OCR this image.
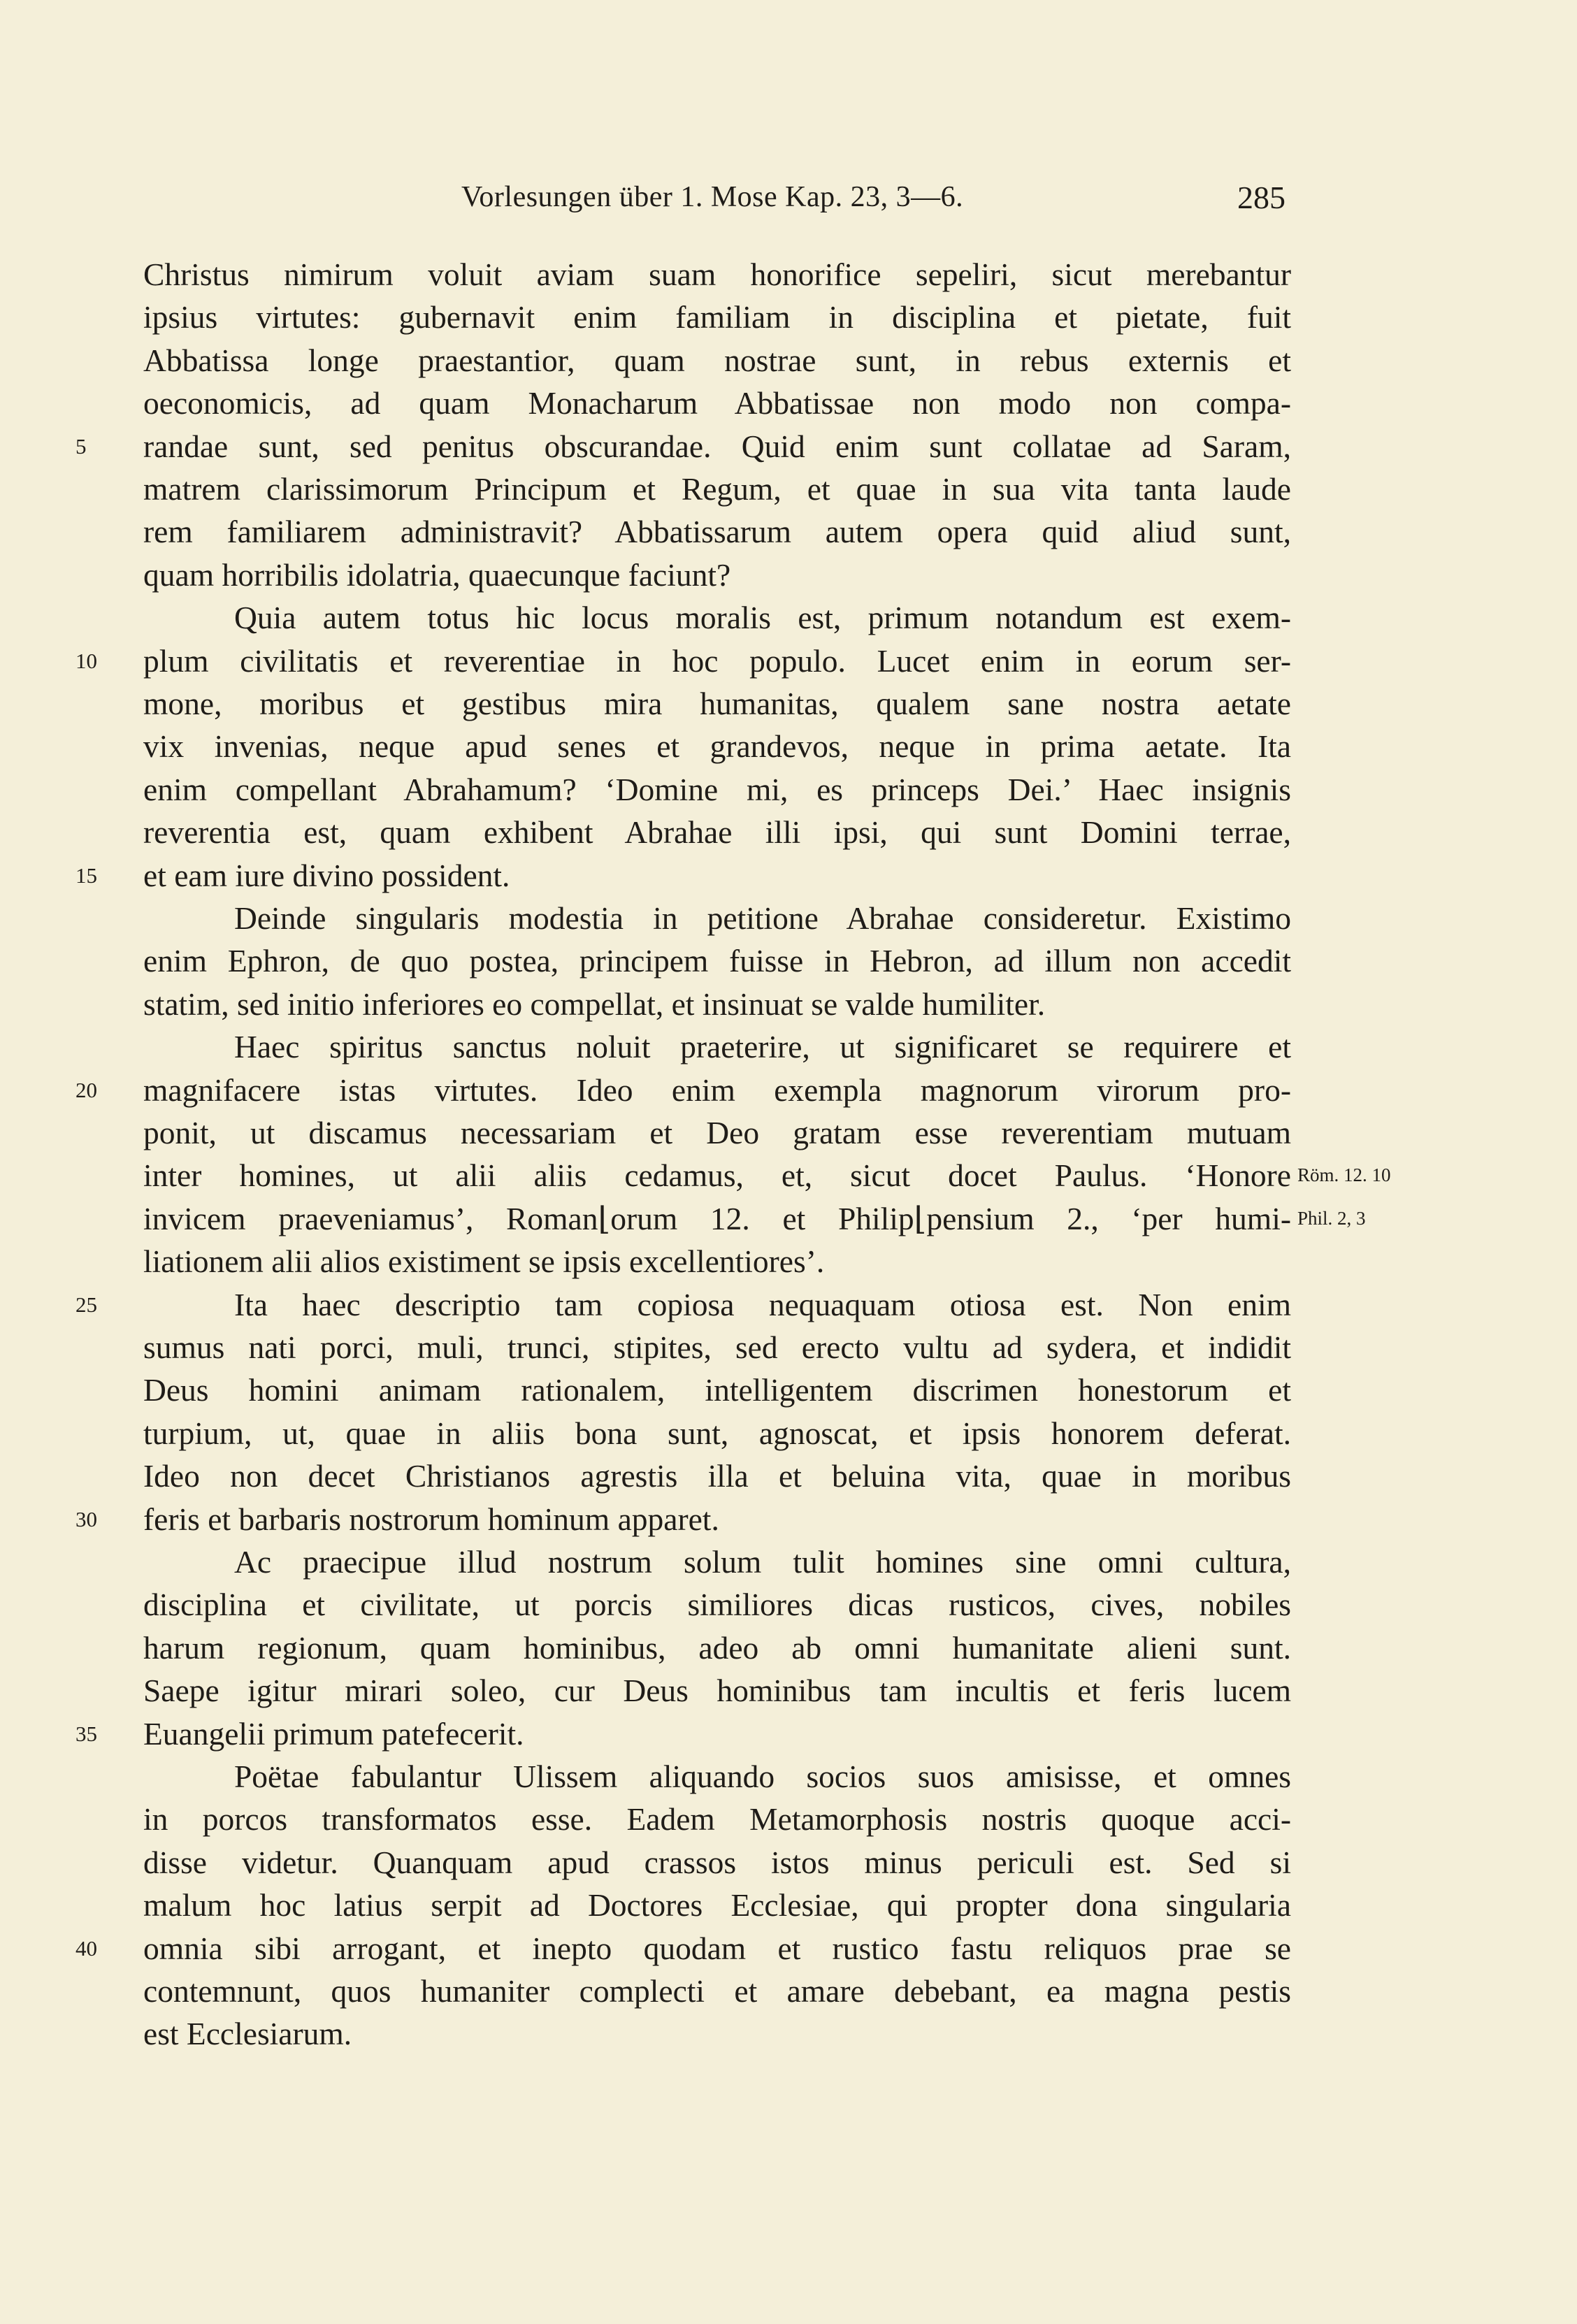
Vorlesungen über 1. Mose Kap. 23, 3—6.	285
Christus nimirum voluit aviam suam honorifice sepeliri, sicut merebantur
ipsius virtutes: gubernavit enim familiam in disciplina et pietate, fuit
Abbatissa longe praestantior, quam nostrae sunt, in rebus externis et
oeconomicis, ad quam Monacharum Abbatissae non modo non compa-
randae sunt, sed penitus obscurandae. Quid enim sunt collatae ad Saram,
5
matrem clarissimorum Principum et Regum, et quae in sua vita tanta laude
rem familiarem administravit? Abbatissarum autem opera quid aliud sunt,
quam horribilis idolatria, quaecunque faciunt?
Quia autem totus hic locus moralis est, primum notandum est exem-
plum civilitatis et reverentiae in hoc populo. Lucet enim in eorum ser-
10
mone, moribus et gestibus mira humanitas, qualem sane nostra aetate
vix invenias, neque apud senes et grandevos, neque in prima aetate. Ita
enim compellant Abrahamum? ‘Domine mi, es princeps Dei.’ Haec insignis
reverentia est, quam exhibent Abrahae illi ipsi, qui sunt Domini terrae,
et eam iure divino possident.
15
Deinde singularis modestia in petitione Abrahae consideretur. Existimo
enim Ephron, de quo postea, principem fuisse in Hebron, ad illum non accedit
statim, sed initio inferiores eo compellat, et insinuat se valde humiliter.
Haec spiritus sanctus noluit praeterire, ut significaret se requirere et
magnifacere istas virtutes. Ideo enim exempla magnorum virorum pro-
20
ponit, ut discamus necessariam et Deo gratam esse reverentiam mutuam
inter homines, ut alii aliis cedamus, et, sicut docet Paulus. ‘Honore Röm. 12. 10
invicem praeveniamus’, Roman⌊orum 12. et Philip⌊pensium 2., ‘per humi- Phil. 2, 3
liationem alii alios existiment se ipsis excellentiores’.
Ita haec descriptio tam copiosa nequaquam otiosa est. Non enim
25
sumus nati porci, muli, trunci, stipites, sed erecto vultu ad sydera, et indidit
Deus homini animam rationalem, intelligentem discrimen honestorum et
turpium, ut, quae in aliis bona sunt, agnoscat, et ipsis honorem deferat.
Ideo non decet Christianos agrestis illa et beluina vita, quae in moribus
feris et barbaris nostrorum hominum apparet.
30
Ac praecipue illud nostrum solum tulit homines sine omni cultura,
disciplina et civilitate, ut porcis similiores dicas rusticos, cives, nobiles
harum regionum, quam hominibus, adeo ab omni humanitate alieni sunt.
Saepe igitur mirari soleo, cur Deus hominibus tam incultis et feris lucem
Euangelii primum patefecerit.
35
Poëtae fabulantur Ulissem aliquando socios suos amisisse, et omnes
in porcos transformatos esse. Eadem Metamorphosis nostris quoque acci-
disse videtur. Quanquam apud crassos istos minus periculi est. Sed si
malum hoc latius serpit ad Doctores Ecclesiae, qui propter dona singularia
omnia sibi arrogant, et inepto quodam et rustico fastu reliquos prae se
40
contemnunt, quos humaniter complecti et amare debebant, ea magna pestis
est Ecclesiarum.
